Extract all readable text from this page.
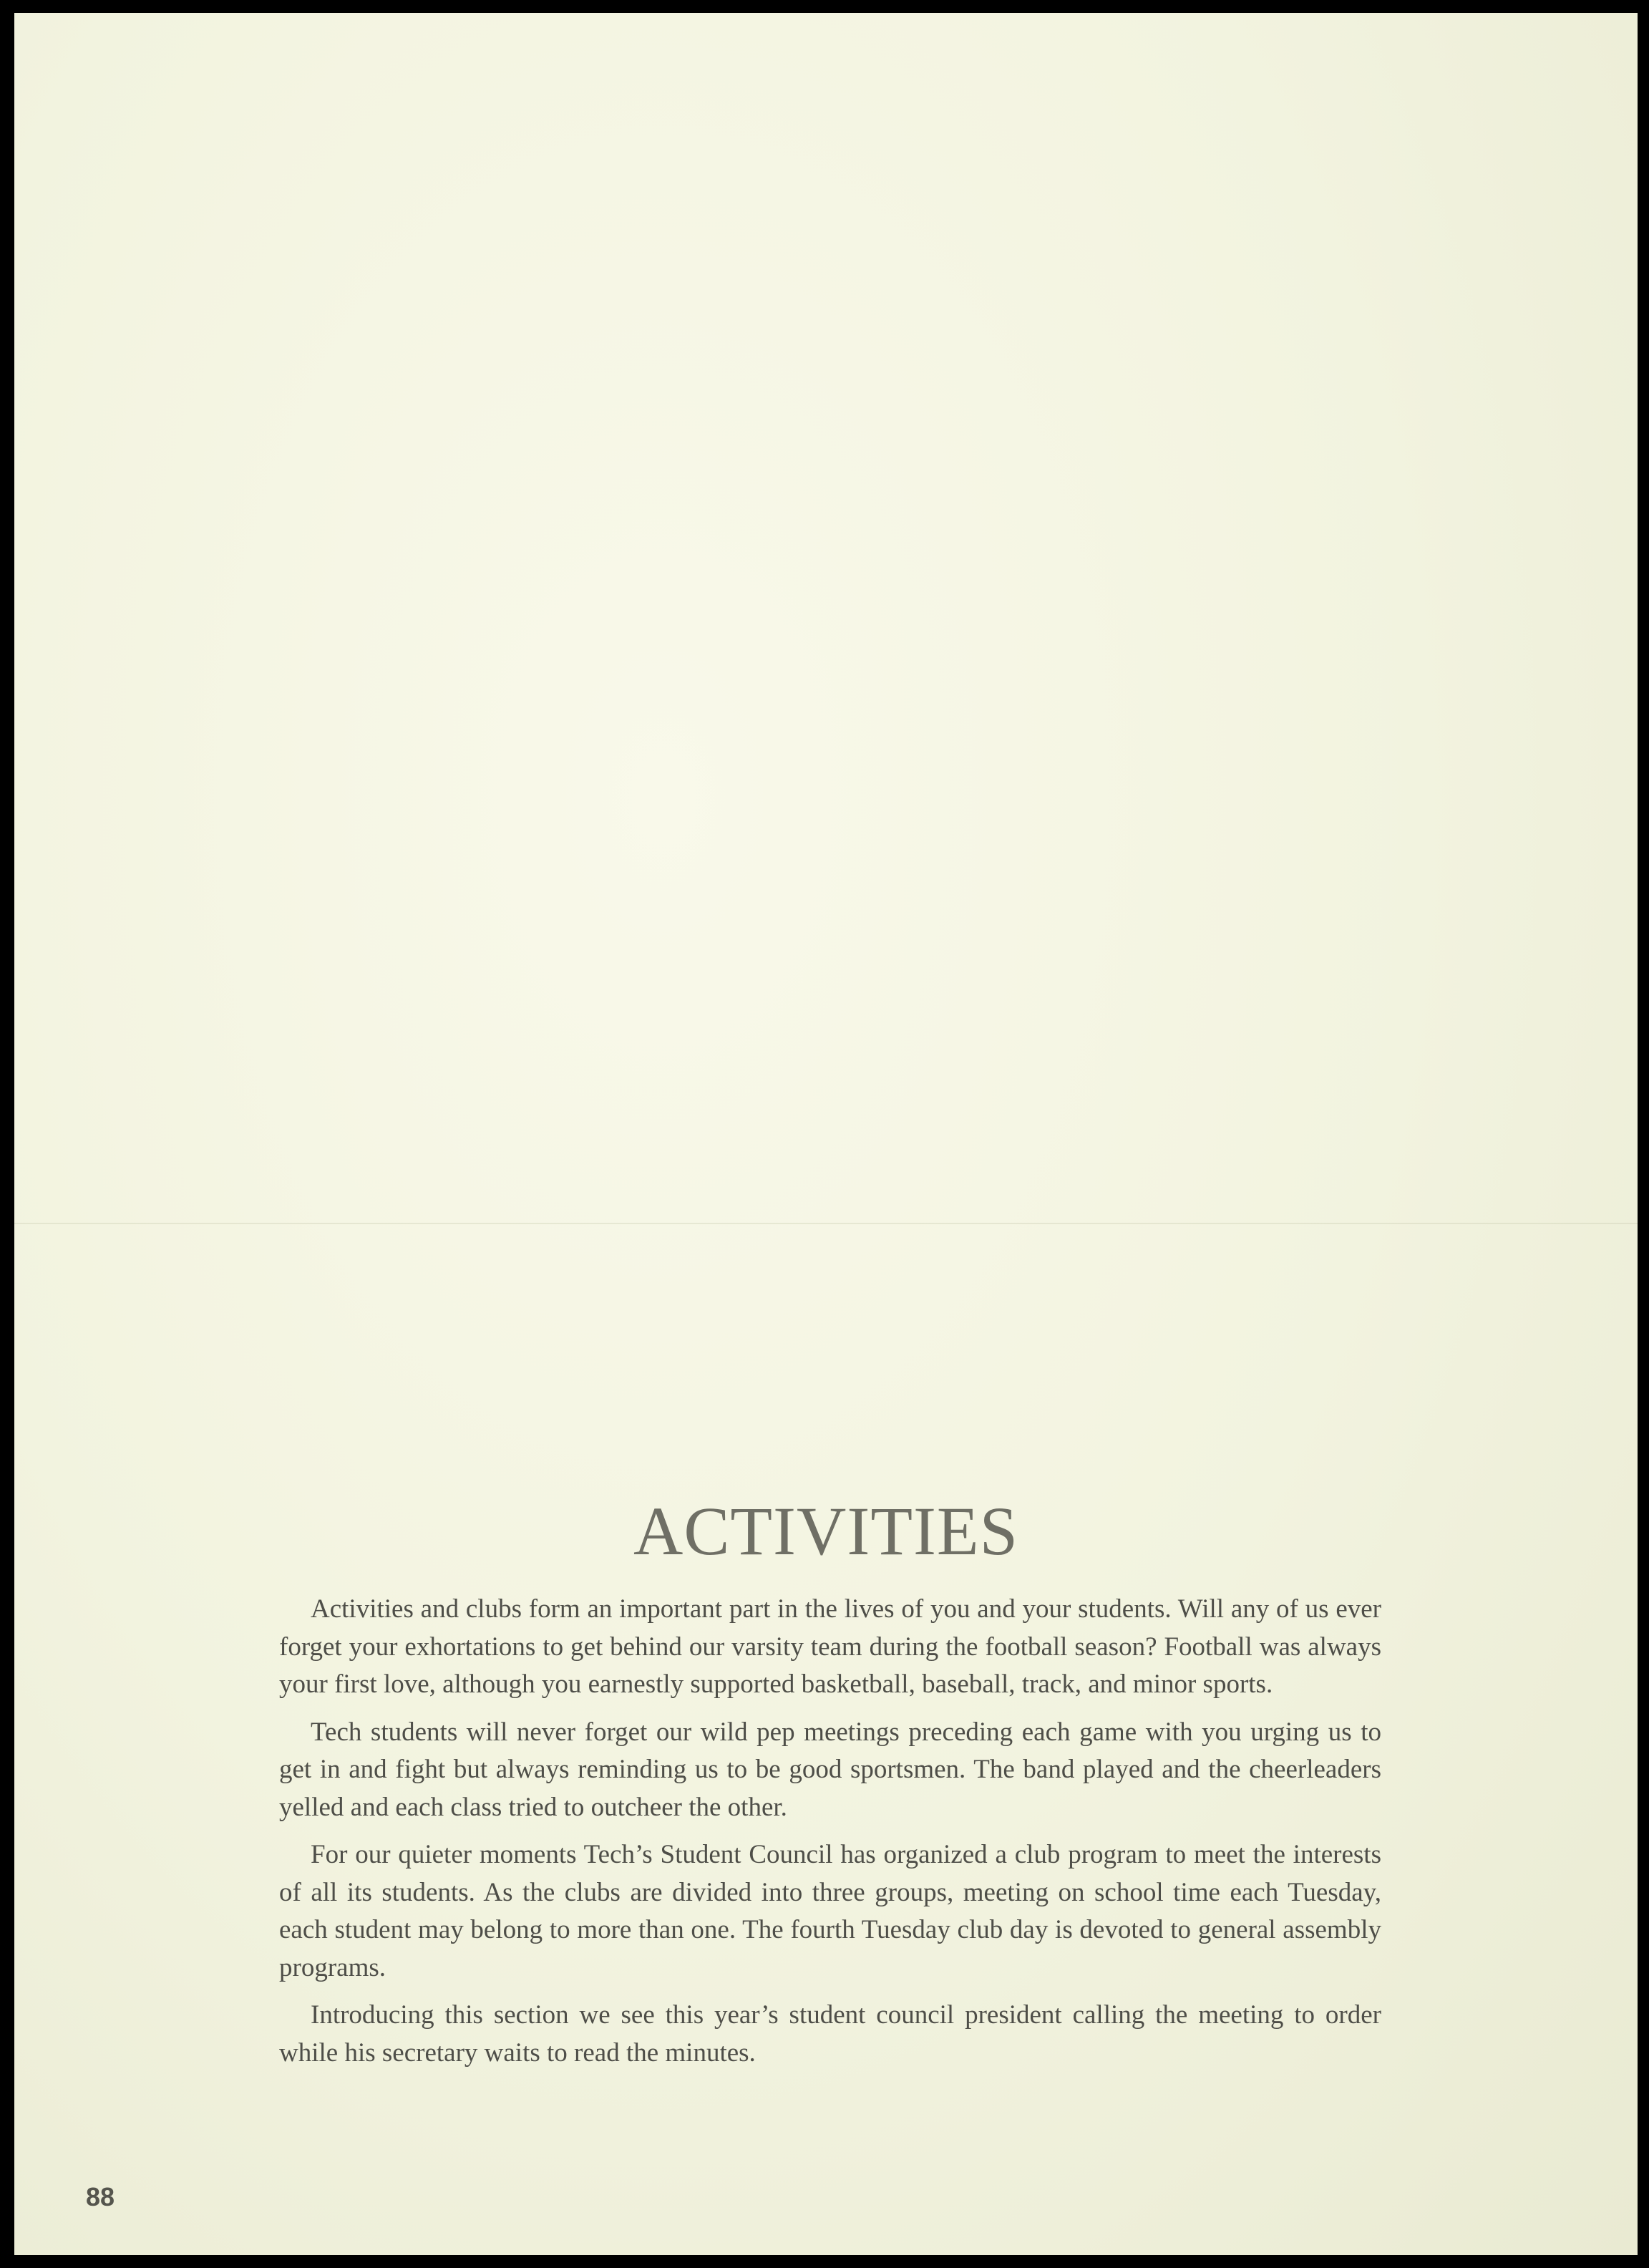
ACTIVITIES

Activities and clubs form an important part in the lives of you and your students. Will any of us ever forget your exhortations to get behind our varsity team during the football season? Football was always your first love, although you earnestly supported basketball, baseball, track, and minor sports.

Tech students will never forget our wild pep meetings preceding each game with you urging us to get in and fight but always reminding us to be good sportsmen. The band played and the cheerleaders yelled and each class tried to outcheer the other.

For our quieter moments Tech’s Student Council has organized a club program to meet the interests of all its students. As the clubs are divided into three groups, meeting on school time each Tuesday, each student may belong to more than one. The fourth Tuesday club day is devoted to general assembly programs.

Introducing this section we see this year’s student council president calling the meeting to order while his secretary waits to read the minutes.

88
